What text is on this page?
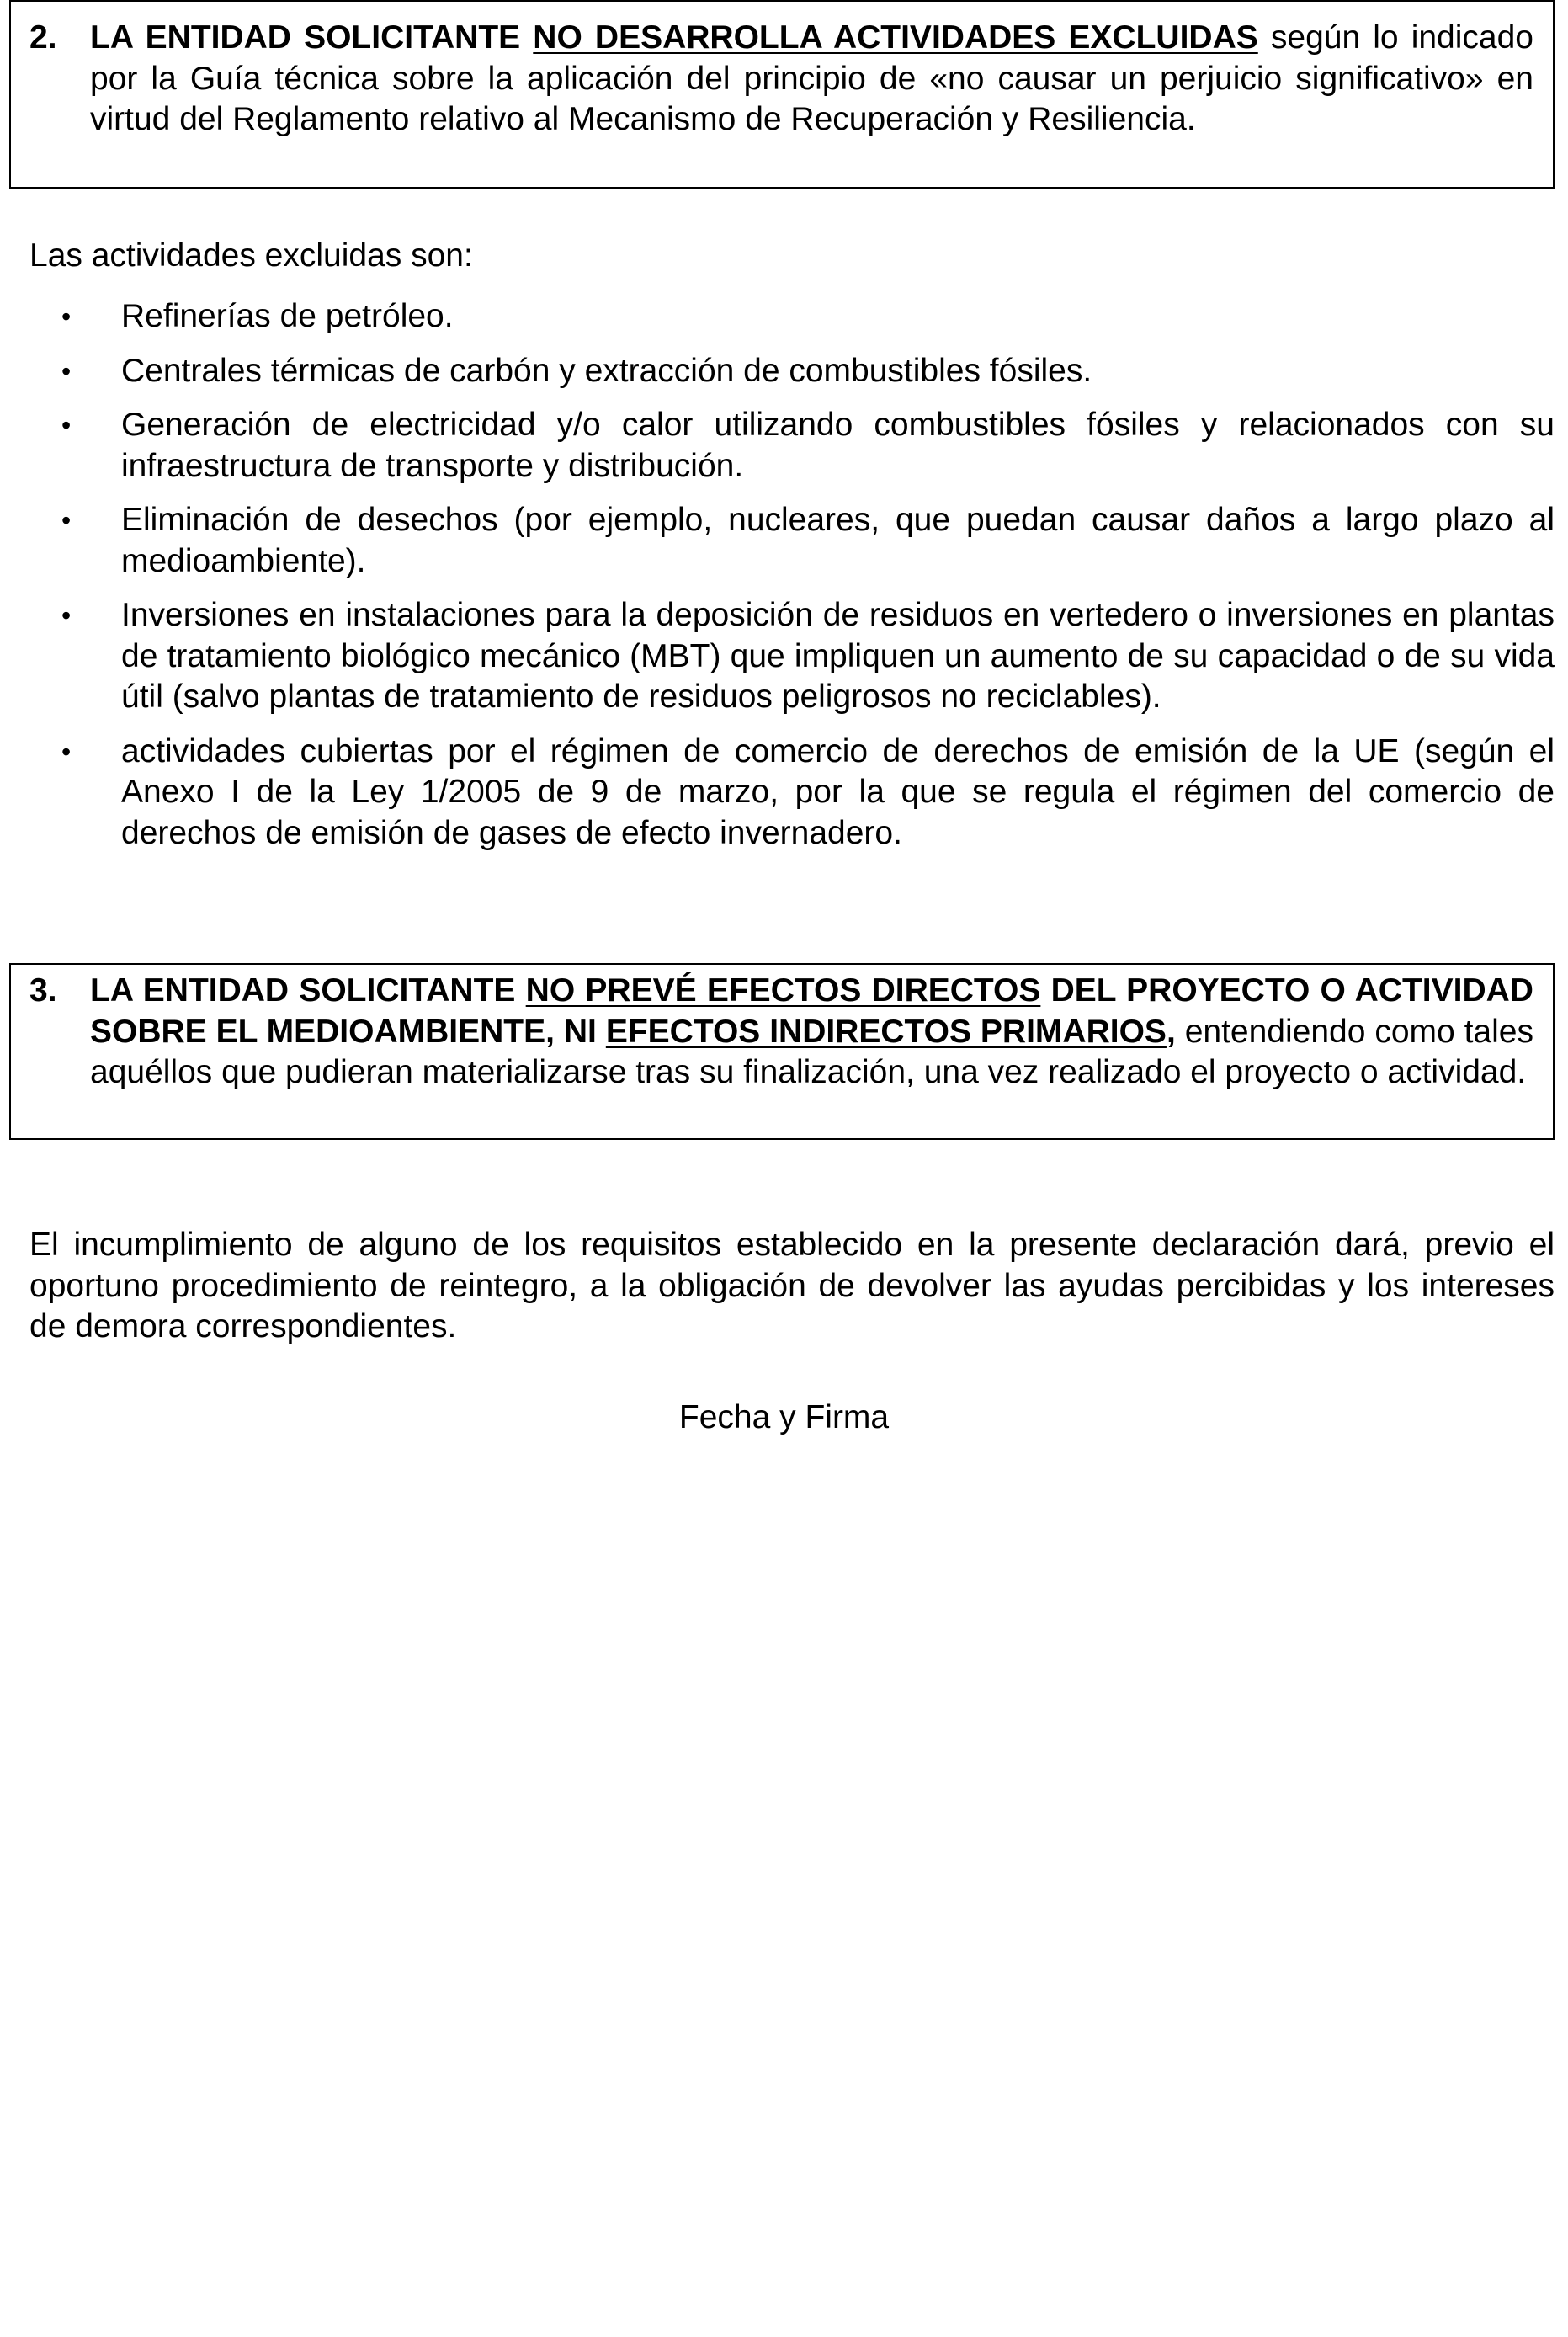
2.	LA ENTIDAD SOLICITANTE NO DESARROLLA ACTIVIDADES EXCLUIDAS según lo indicado por la Guía técnica sobre la aplicación del principio de «no causar un perjuicio significativo» en virtud del Reglamento relativo al Mecanismo de Recuperación y Resiliencia.

Las actividades excluidas son:

•	Refinerías de petróleo.
•	Centrales térmicas de carbón y extracción de combustibles fósiles.
•	Generación de electricidad y/o calor utilizando combustibles fósiles y relacionados con su infraestructura de transporte y distribución.
•	Eliminación de desechos (por ejemplo, nucleares, que puedan causar daños a largo plazo al medioambiente).
•	Inversiones en instalaciones para la deposición de residuos en vertedero o inversiones en plantas de tratamiento biológico mecánico (MBT) que impliquen un aumento de su capacidad o de su vida útil (salvo plantas de tratamiento de residuos peligrosos no reciclables).
•	actividades cubiertas por el régimen de comercio de derechos de emisión de la UE (según el Anexo I de la Ley 1/2005 de 9 de marzo, por la que se regula el régimen del comercio de derechos de emisión de gases de efecto invernadero.
3.	LA ENTIDAD SOLICITANTE NO PREVÉ EFECTOS DIRECTOS DEL PROYECTO O ACTIVIDAD SOBRE EL MEDIOAMBIENTE, NI EFECTOS INDIRECTOS PRIMARIOS, entendiendo como tales aquéllos que pudieran materializarse tras su finalización, una vez realizado el proyecto o actividad.

El incumplimiento de alguno de los requisitos establecido en la presente declaración dará, previo el oportuno procedimiento de reintegro, a la obligación de devolver las ayudas percibidas y los intereses de demora correspondientes.

Fecha y Firma
